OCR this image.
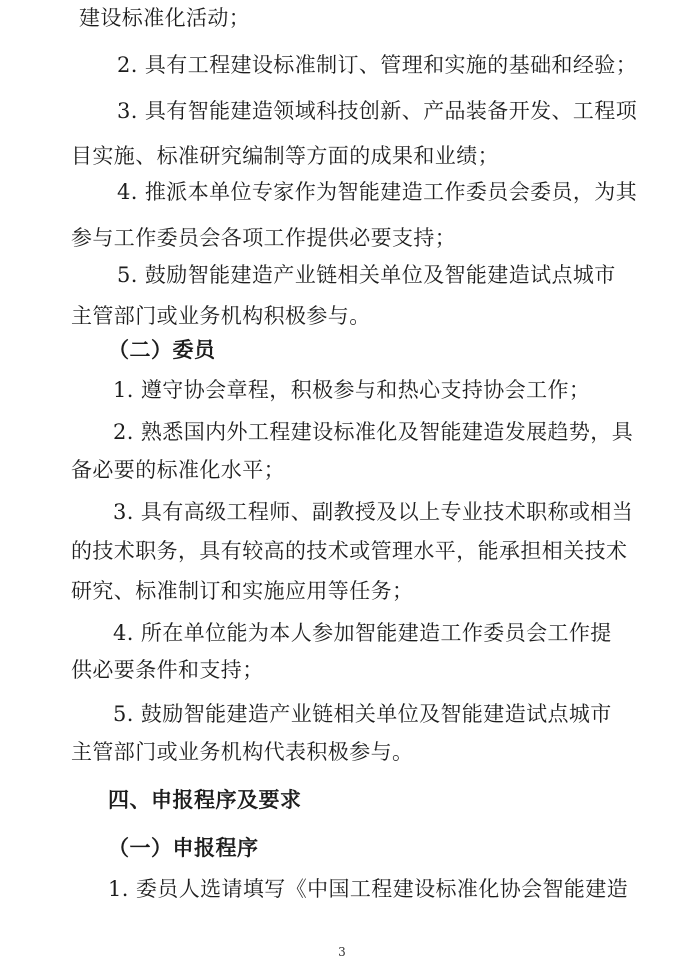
建设标准化活动；
2. 具有工程建设标准制订、管理和实施的基础和经验；
3. 具有智能建造领域科技创新、产品装备开发、工程项
目实施、标准研究编制等方面的成果和业绩；
4. 推派本单位专家作为智能建造工作委员会委员，为其
参与工作委员会各项工作提供必要支持；
5. 鼓励智能建造产业链相关单位及智能建造试点城市
主管部门或业务机构积极参与。
（二）委员
1. 遵守协会章程，积极参与和热心支持协会工作；
2. 熟悉国内外工程建设标准化及智能建造发展趋势，具
备必要的标准化水平；
3. 具有高级工程师、副教授及以上专业技术职称或相当
的技术职务，具有较高的技术或管理水平，能承担相关技术
研究、标准制订和实施应用等任务；
4. 所在单位能为本人参加智能建造工作委员会工作提
供必要条件和支持；
5. 鼓励智能建造产业链相关单位及智能建造试点城市
主管部门或业务机构代表积极参与。
四、申报程序及要求
（一）申报程序
1. 委员人选请填写《中国工程建设标准化协会智能建造
3
